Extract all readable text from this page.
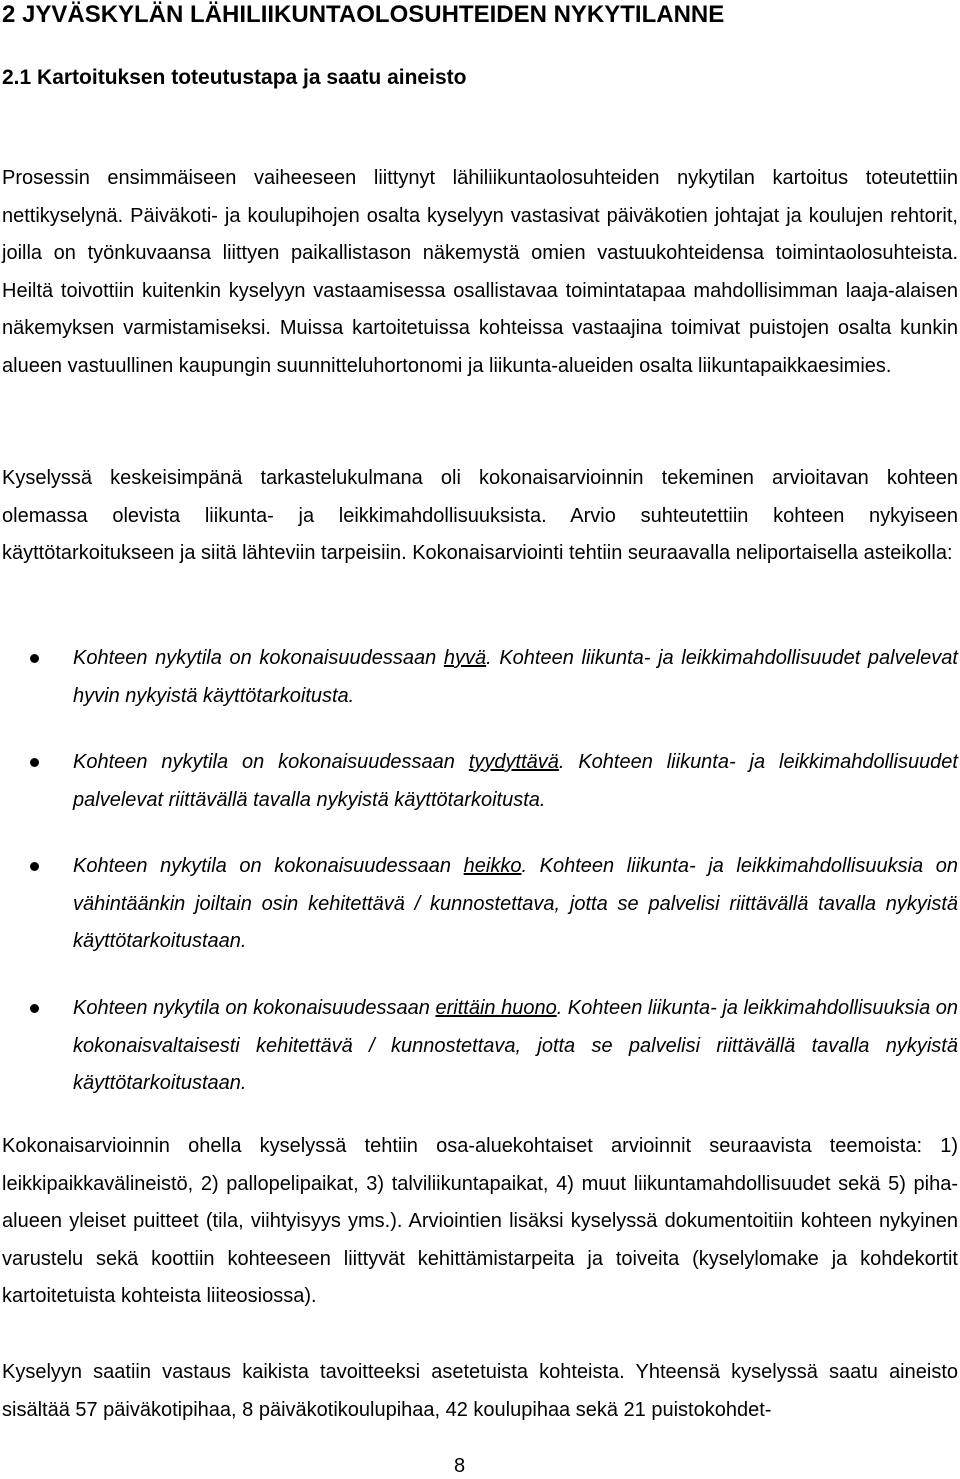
2 JYVÄSKYLÄN LÄHILIIKUNTAOLOSUHTEIDEN NYKYTILANNE
2.1 Kartoituksen toteutustapa ja saatu aineisto

Prosessin ensimmäiseen vaiheeseen liittynyt lähiliikuntaolosuhteiden nykytilan kartoitus toteutettiin nettikyselynä. Päiväkoti- ja koulupihojen osalta kyselyyn vastasivat päiväkotien johtajat ja koulujen rehtorit, joilla on työnkuvaansa liittyen paikallistason näkemystä omien vastuukohteidensa toimintaolosuhteista. Heiltä toivottiin kuitenkin kyselyyn vastaamisessa osallistavaa toimintatapaa mahdollisimman laaja-alaisen näkemyksen varmistamiseksi. Muissa kartoitetuissa kohteissa vastaajina toimivat puistojen osalta kunkin alueen vastuullinen kaupungin suunnitteluhortonomi ja liikunta-alueiden osalta liikuntapaikkaesimies.

Kyselyssä keskeisimpänä tarkastelukulmana oli kokonaisarvioinnin tekeminen arvioitavan kohteen olemassa olevista liikunta- ja leikkimahdollisuuksista. Arvio suhteutettiin kohteen nykyiseen käyttötarkoitukseen ja siitä lähteviin tarpeisiin. Kokonaisarviointi tehtiin seuraavalla neliportaisella asteikolla:

Kohteen nykytila on kokonaisuudessaan hyvä. Kohteen liikunta- ja leikkimahdollisuudet palvelevat hyvin nykyistä käyttötarkoitusta.

Kohteen nykytila on kokonaisuudessaan tyydyttävä. Kohteen liikunta- ja leikkimahdollisuudet palvelevat riittävällä tavalla nykyistä käyttötarkoitusta.

Kohteen nykytila on kokonaisuudessaan heikko. Kohteen liikunta- ja leikkimahdollisuuksia on vähintäänkin joiltain osin kehitettävä / kunnostettava, jotta se palvelisi riittävällä tavalla nykyistä käyttötarkoitustaan.

Kohteen nykytila on kokonaisuudessaan erittäin huono. Kohteen liikunta- ja leikkimahdollisuuksia on kokonaisvaltaisesti kehitettävä / kunnostettava, jotta se palvelisi riittävällä tavalla nykyistä käyttötarkoitustaan.

Kokonaisarvioinnin ohella kyselyssä tehtiin osa-aluekohtaiset arvioinnit seuraavista teemoista: 1) leikkipaikkavälineistö, 2) pallopelipaikat, 3) talviliikuntapaikat, 4) muut liikuntamahdollisuudet sekä 5) piha-alueen yleiset puitteet (tila, viihtyisyys yms.). Arviointien lisäksi kyselyssä dokumentoitiin kohteen nykyinen varustelu sekä koottiin kohteeseen liittyvät kehittämistarpeita ja toiveita (kyselylomake ja kohdekortit kartoitetuista kohteista liiteosiossa).

Kyselyyn saatiin vastaus kaikista tavoitteeksi asetetuista kohteista. Yhteensä kyselyssä saatu aineisto sisältää 57 päiväkotipihaa, 8 päiväkotikoulupihaa, 42 koulupihaa sekä 21 puistokohdet-

8
